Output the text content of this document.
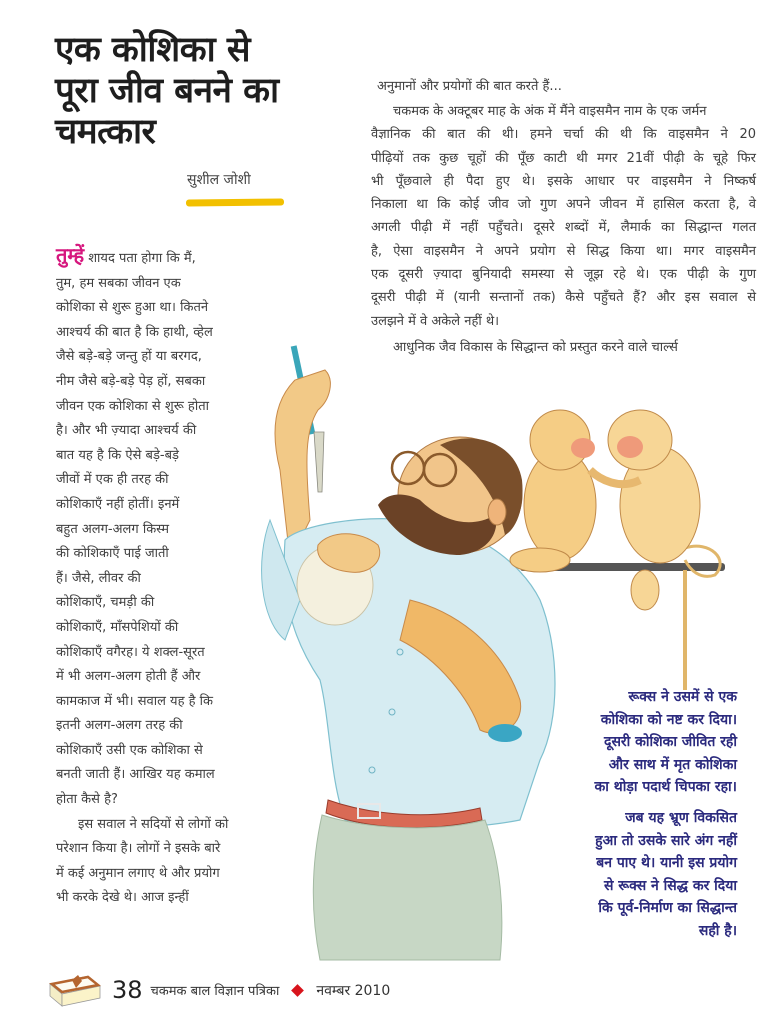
एक कोशिका से
पूरा जीव बनने का
चमत्कार
सुशील जोशी
अनुमानों और प्रयोगों की बात करते हैं...
चकमक के अक्टूबर माह के अंक में मैंने वाइसमैन नाम के एक जर्मन
वैज्ञानिक की बात की थी। हमने चर्चा की थी कि वाइसमैन ने 20
पीढ़ियों तक कुछ चूहों की पूँछ काटी थी मगर 21वीं पीढ़ी के चूहे फिर
भी पूँछवाले ही पैदा हुए थे। इसके आधार पर वाइसमैन ने निष्कर्ष
निकाला था कि कोई जीव जो गुण अपने जीवन में हासिल करता है, वे
अगली पीढ़ी में नहीं पहुँचते। दूसरे शब्दों में, लैमार्क का सिद्धान्त गलत
है, ऐसा वाइसमैन ने अपने प्रयोग से सिद्ध किया था। मगर वाइसमैन
एक दूसरी ज़्यादा बुनियादी समस्या से जूझ रहे थे। एक पीढ़ी के गुण
दूसरी पीढ़ी में (यानी सन्तानों तक) कैसे पहुँचते हैं? और इस सवाल से
उलझने में वे अकेले नहीं थे।
आधुनिक जैव विकास के सिद्धान्त को प्रस्तुत करने वाले चार्ल्स
तुम्हें शायद पता होगा कि मैं,
तुम, हम सबका जीवन एक
कोशिका से शुरू हुआ था। कितने
आश्चर्य की बात है कि हाथी, व्हेल
जैसे बड़े-बड़े जन्तु हों या बरगद,
नीम जैसे बड़े-बड़े पेड़ हों, सबका
जीवन एक कोशिका से शुरू होता
है। और भी ज़्यादा आश्चर्य की
बात यह है कि ऐसे बड़े-बड़े
जीवों में एक ही तरह की
कोशिकाएँ नहीं होतीं। इनमें
बहुत अलग-अलग किस्म
की कोशिकाएँ पाई जाती
हैं। जैसे, लीवर की
कोशिकाएँ, चमड़ी की
कोशिकाएँ, माँसपेशियों की
कोशिकाएँ वगैरह। ये शक्ल-सूरत
में भी अलग-अलग होती हैं और
कामकाज में भी। सवाल यह है कि
इतनी अलग-अलग तरह की
कोशिकाएँ उसी एक कोशिका से
बनती जाती हैं। आखिर यह कमाल
होता कैसे है?
इस सवाल ने सदियों से लोगों को
परेशान किया है। लोगों ने इसके बारे
में कई अनुमान लगाए थे और प्रयोग
भी करके देखे थे। आज इन्हीं
रूक्स ने उसमें से एक
कोशिका को नष्ट कर दिया।
दूसरी कोशिका जीवित रही
और साथ में मृत कोशिका
का थोड़ा पदार्थ चिपका रहा।
जब यह भ्रूण विकसित
हुआ तो उसके सारे अंग नहीं
बन पाए थे। यानी इस प्रयोग
से रूक्स ने सिद्ध कर दिया
कि पूर्व-निर्माण का सिद्धान्त
सही है।
38 चकमक बाल विज्ञान पत्रिका	नवम्बर 2010
